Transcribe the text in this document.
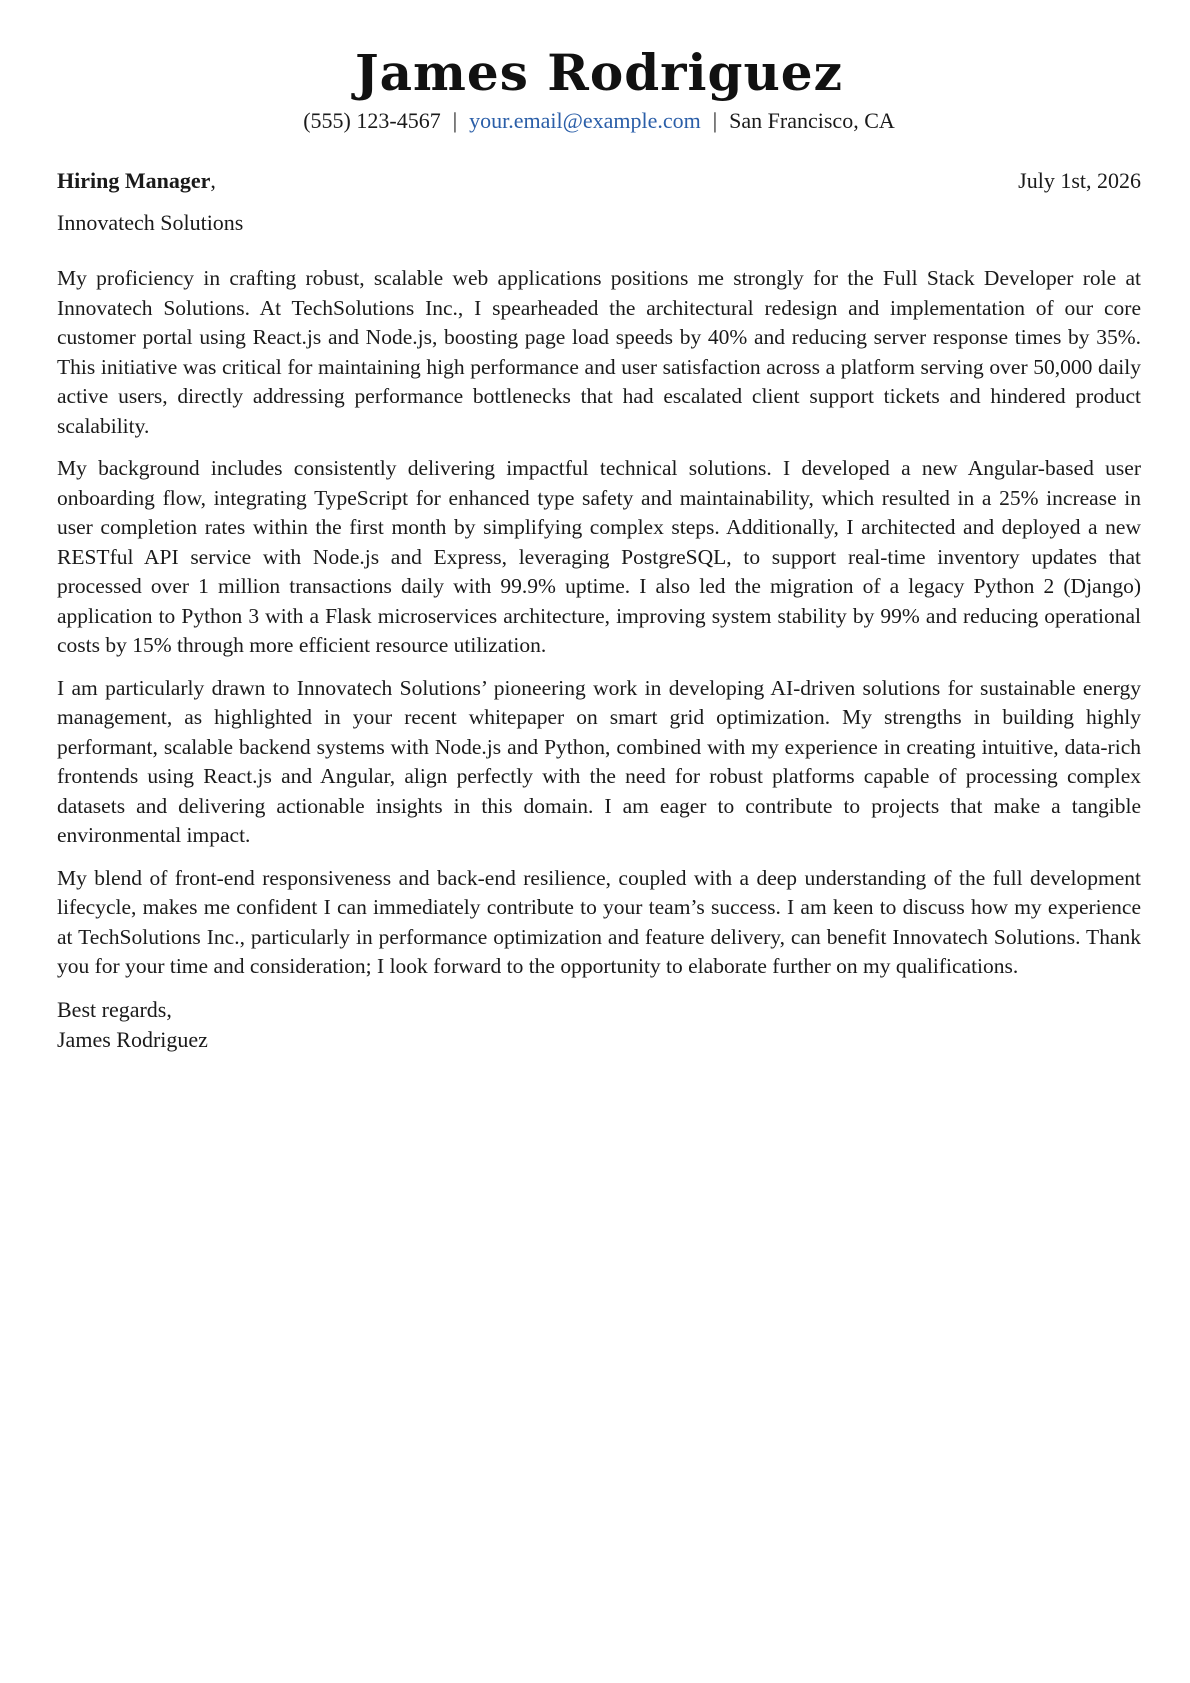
James Rodriguez
(555) 123-4567 | your.email@example.com | San Francisco, CA
Hiring Manager,	July 1st, 2026
Innovatech Solutions

My proficiency in crafting robust, scalable web applications positions me strongly for the Full Stack Developer role at Innovatech Solutions. At TechSolutions Inc., I spearheaded the architectural redesign and implementation of our core customer portal using React.js and Node.js, boosting page load speeds by 40% and reducing server response times by 35%. This initiative was critical for maintaining high performance and user satisfaction across a platform serving over 50,000 daily active users, directly addressing performance bottlenecks that had escalated client support tickets and hindered product scalability.

My background includes consistently delivering impactful technical solutions. I developed a new Angular-based user onboarding flow, integrating TypeScript for enhanced type safety and maintainability, which resulted in a 25% increase in user completion rates within the first month by simplifying complex steps. Additionally, I architected and deployed a new RESTful API service with Node.js and Express, leveraging PostgreSQL, to support real-time inventory updates that processed over 1 million transactions daily with 99.9% uptime. I also led the migration of a legacy Python 2 (Django) application to Python 3 with a Flask microservices architecture, improving system stability by 99% and reducing operational costs by 15% through more efficient resource utilization.

I am particularly drawn to Innovatech Solutions’ pioneering work in developing AI-driven solutions for sustainable energy management, as highlighted in your recent whitepaper on smart grid optimization. My strengths in building highly performant, scalable backend systems with Node.js and Python, combined with my experience in creating intuitive, data-rich frontends using React.js and Angular, align perfectly with the need for robust platforms capable of processing complex datasets and delivering actionable insights in this domain. I am eager to contribute to projects that make a tangible environmental impact.

My blend of front-end responsiveness and back-end resilience, coupled with a deep understanding of the full development lifecycle, makes me confident I can immediately contribute to your team’s success. I am keen to discuss how my experience at TechSolutions Inc., particularly in performance optimization and feature delivery, can benefit Innovatech Solutions. Thank you for your time and consideration; I look forward to the opportunity to elaborate further on my qualifications.

Best regards,
James Rodriguez
